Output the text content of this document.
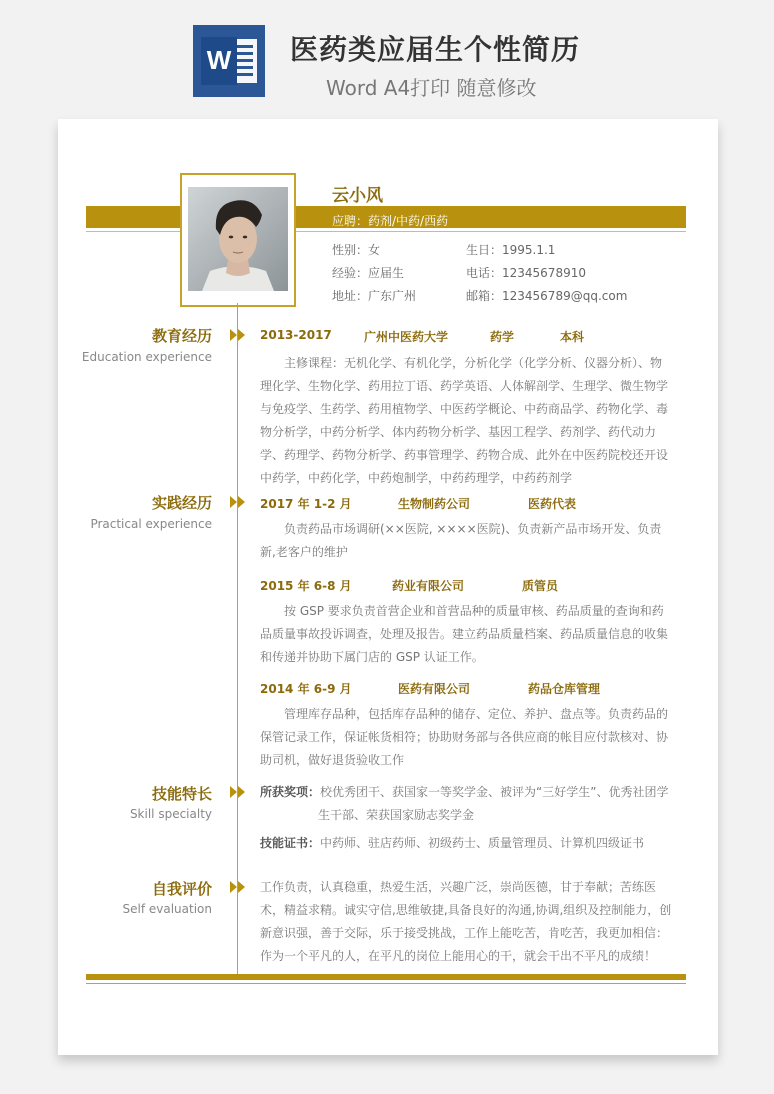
W 医药类应届生个性简历
Word A4打印 随意修改
云小风
应聘：药剂/中药/西药
性别：女	生日：1995.1.1
经验：应届生	电话：12345678910
地址：广东广州	邮箱：123456789@qq.com
教育经历
Education experience
2013-2017	广州中医药大学	药学	本科
主修课程：无机化学、有机化学，分析化学（化学分析、仪器分析）、物理化学、生物化学、药用拉丁语、药学英语、人体解剖学、生理学、微生物学与免疫学、生药学、药用植物学、中医药学概论、中药商品学、药物化学、毒物分析学，中药分析学、体内药物分析学、基因工程学、药剂学、药代动力学、药理学、药物分析学、药事管理学、药物合成、此外在中医药院校还开设中药学，中药化学，中药炮制学，中药药理学，中药药剂学
实践经历
Practical experience
2017 年 1-2 月	生物制药公司	医药代表
负责药品市场调研(××医院, ××××医院)、负责新产品市场开发、负责新,老客户的维护
2015 年 6-8 月	药业有限公司	质管员
按 GSP 要求负责首营企业和首营品种的质量审核、药品质量的查询和药品质量事故投诉调查，处理及报告。建立药品质量档案、药品质量信息的收集和传递并协助下属门店的 GSP 认证工作。
2014 年 6-9 月	医药有限公司	药品仓库管理
管理库存品种，包括库存品种的储存、定位、养护、盘点等。负责药品的保管记录工作，保证帐货相符；协助财务部与各供应商的帐目应付款核对、协助司机，做好退货验收工作
技能特长
Skill specialty
所获奖项：校优秀团干、获国家一等奖学金、被评为“三好学生”、优秀社团学生干部、荣获国家励志奖学金
技能证书：中药师、驻店药师、初级药士、质量管理员、计算机四级证书
自我评价
Self evaluation
工作负责，认真稳重，热爱生活，兴趣广泛，崇尚医德，甘于奉献；苦练医术，精益求精。诚实守信,思维敏捷,具备良好的沟通,协调,组织及控制能力，创新意识强，善于交际，乐于接受挑战，工作上能吃苦，肯吃苦，我更加相信：作为一个平凡的人，在平凡的岗位上能用心的干，就会干出不平凡的成绩！
